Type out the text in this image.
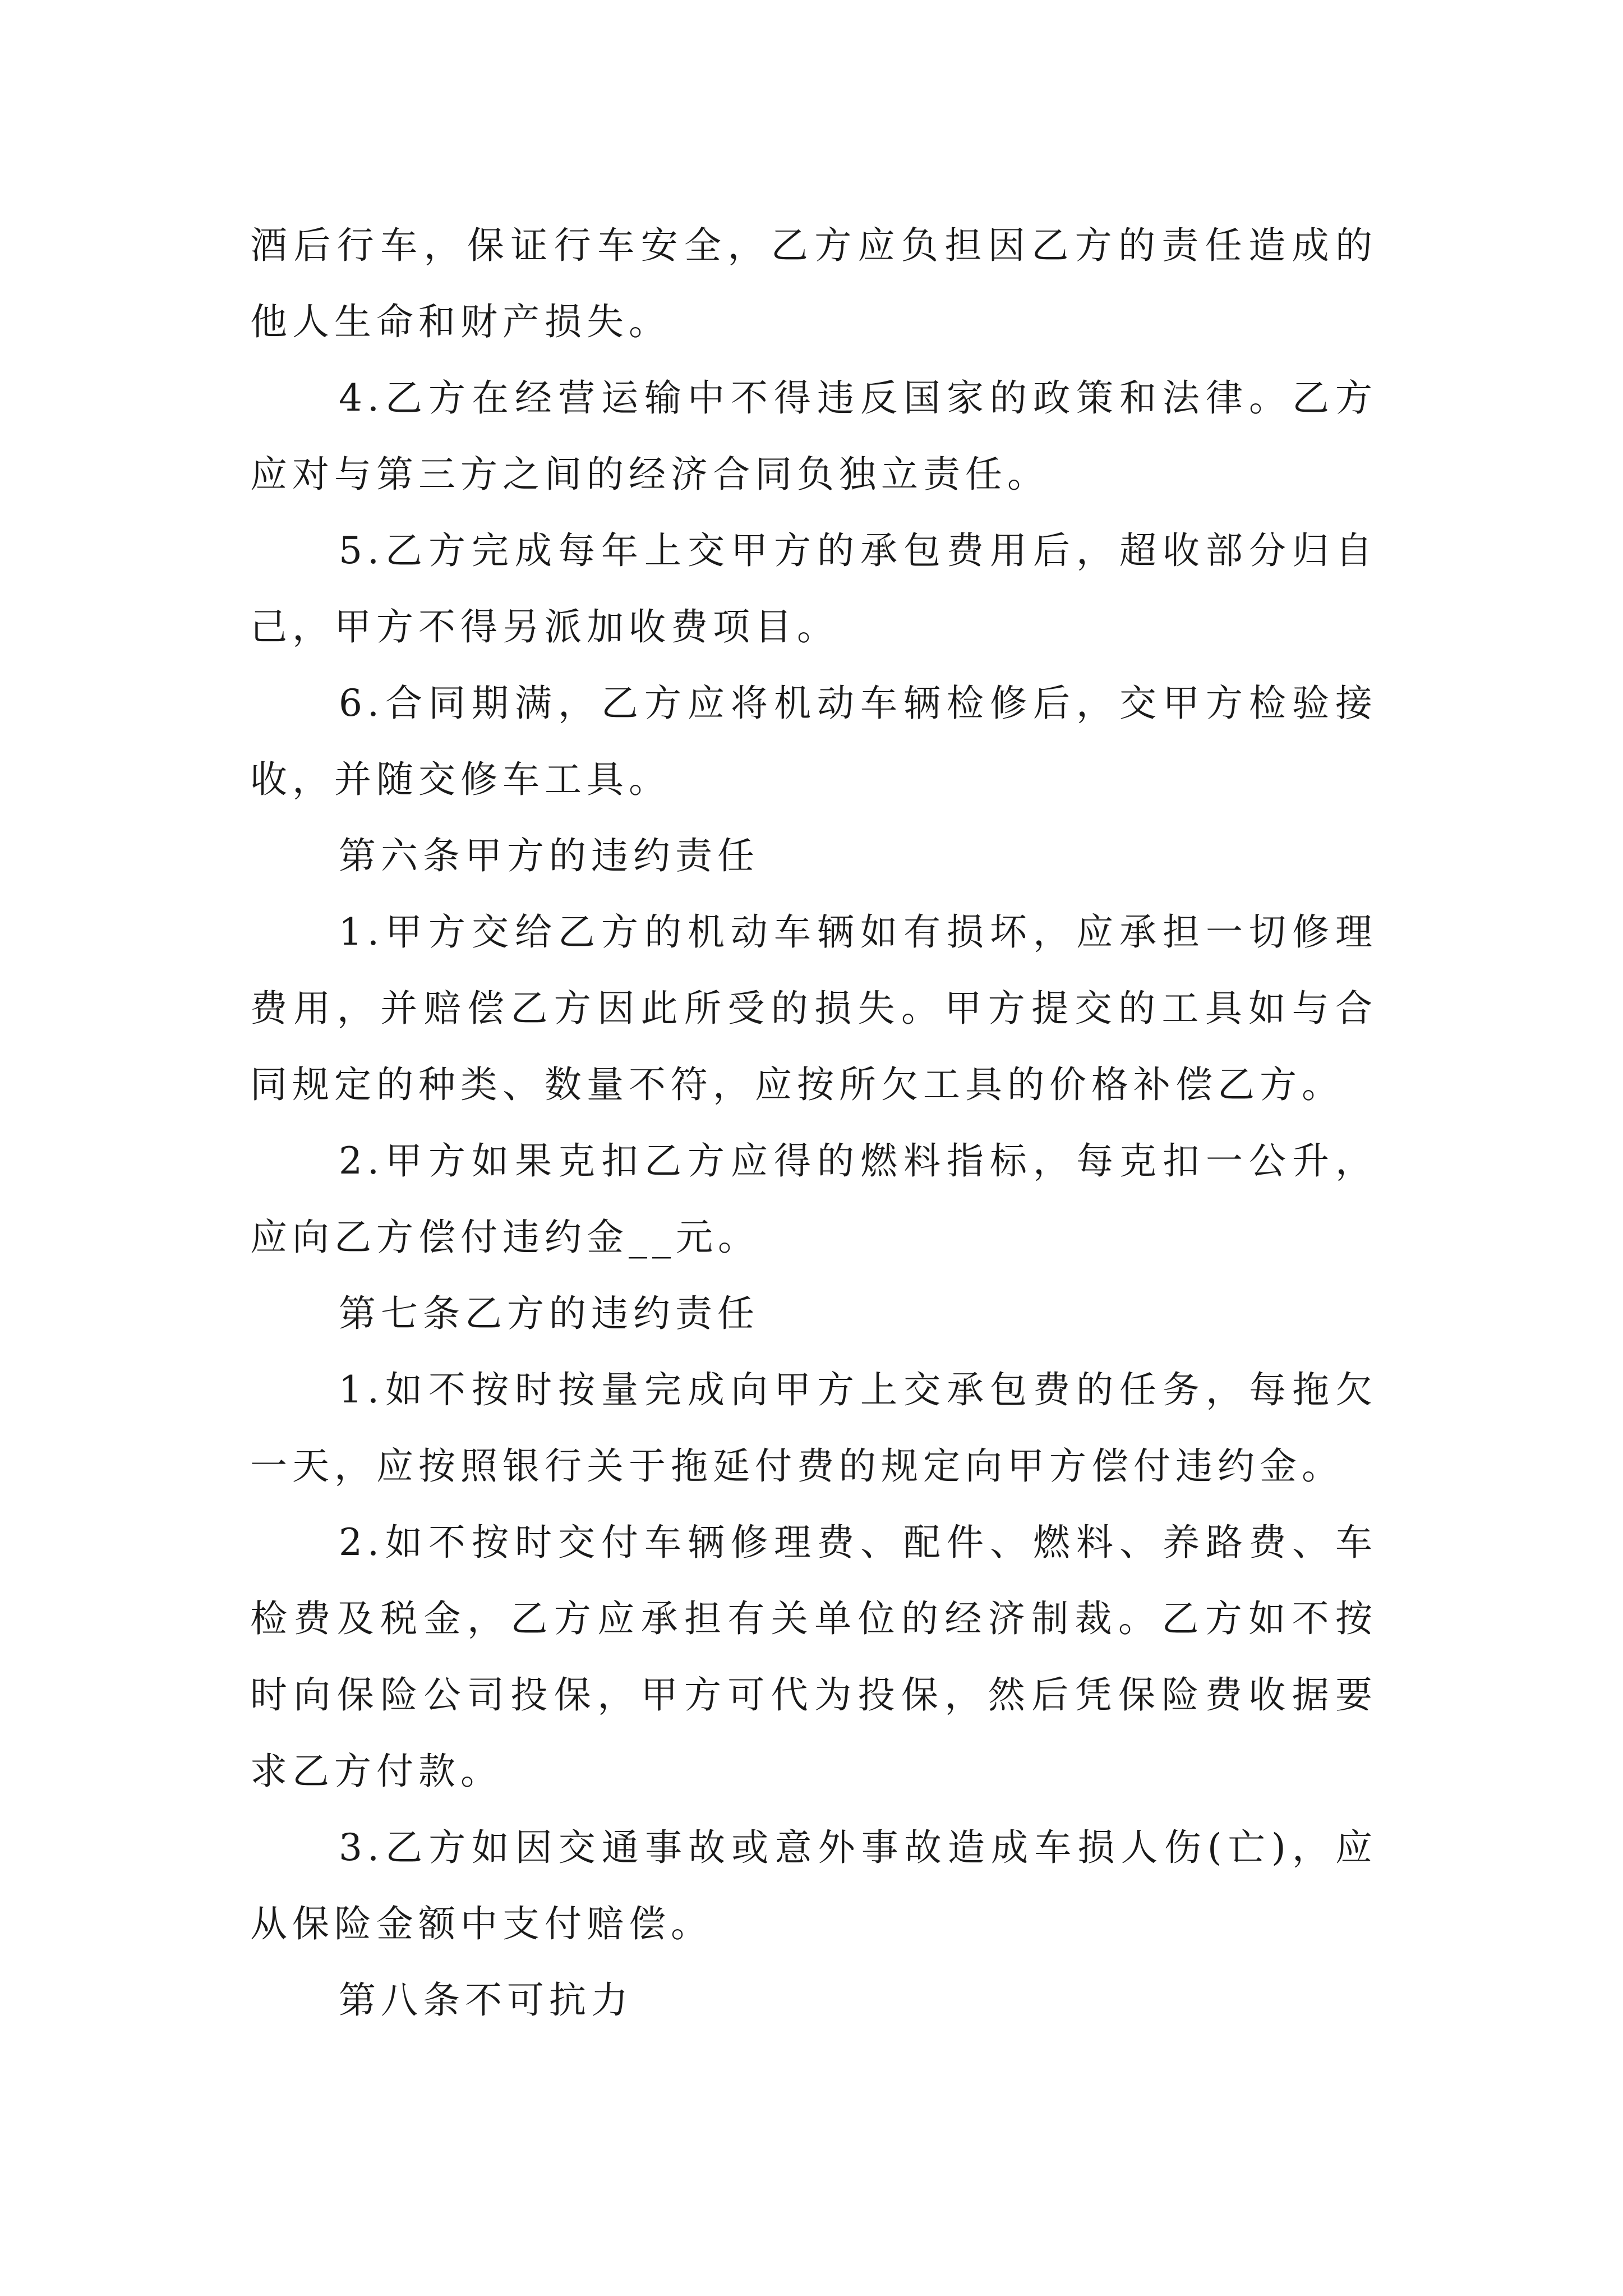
酒后行车，保证行车安全，乙方应负担因乙方的责任造成的他人生命和财产损失。

4.乙方在经营运输中不得违反国家的政策和法律。乙方应对与第三方之间的经济合同负独立责任。

5.乙方完成每年上交甲方的承包费用后，超收部分归自己，甲方不得另派加收费项目。

6.合同期满，乙方应将机动车辆检修后，交甲方检验接收，并随交修车工具。

第六条甲方的违约责任

1.甲方交给乙方的机动车辆如有损坏，应承担一切修理费用，并赔偿乙方因此所受的损失。甲方提交的工具如与合同规定的种类、数量不符，应按所欠工具的价格补偿乙方。

2.甲方如果克扣乙方应得的燃料指标，每克扣一公升，应向乙方偿付违约金__元。

第七条乙方的违约责任

1.如不按时按量完成向甲方上交承包费的任务，每拖欠一天，应按照银行关于拖延付费的规定向甲方偿付违约金。

2.如不按时交付车辆修理费、配件、燃料、养路费、车检费及税金，乙方应承担有关单位的经济制裁。乙方如不按时向保险公司投保，甲方可代为投保，然后凭保险费收据要求乙方付款。

3.乙方如因交通事故或意外事故造成车损人伤(亡)，应从保险金额中支付赔偿。

第八条不可抗力
